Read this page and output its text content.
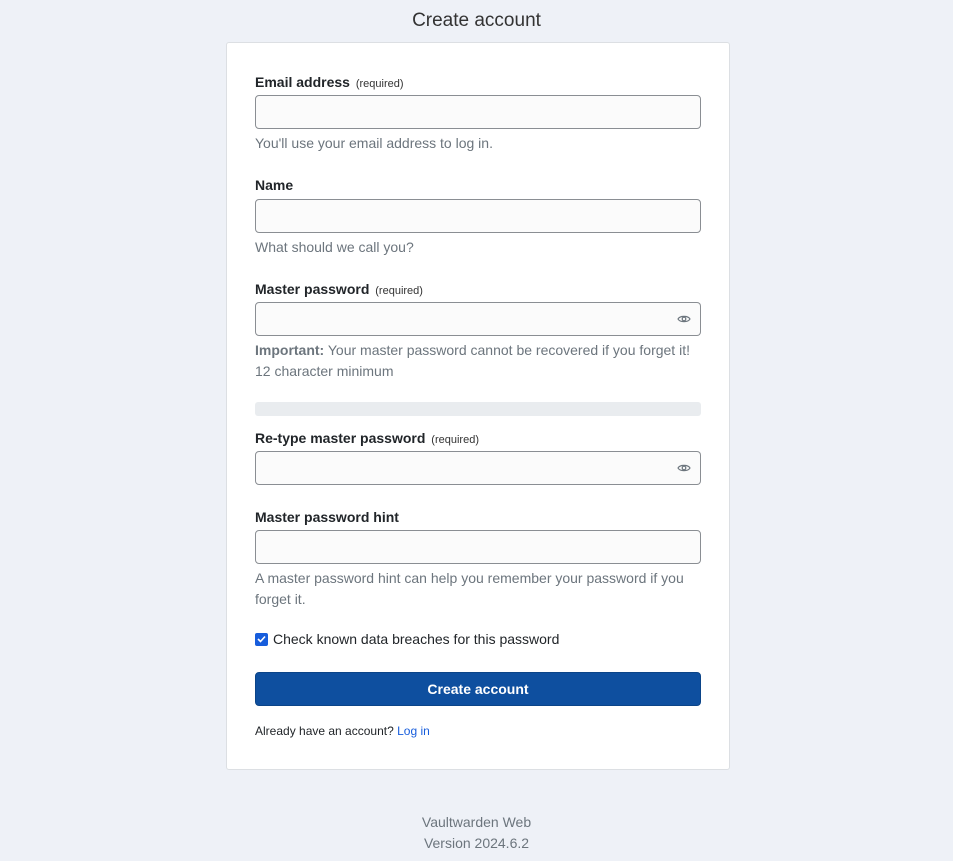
Create account
Email address (required)
You'll use your email address to log in.
Name
What should we call you?
Master password (required)
Important: Your master password cannot be recovered if you forget it! 12 character minimum
Re-type master password (required)
Master password hint
A master password hint can help you remember your password if you forget it.
Check known data breaches for this password
Create account
Already have an account? Log in
Vaultwarden Web
Version 2024.6.2
